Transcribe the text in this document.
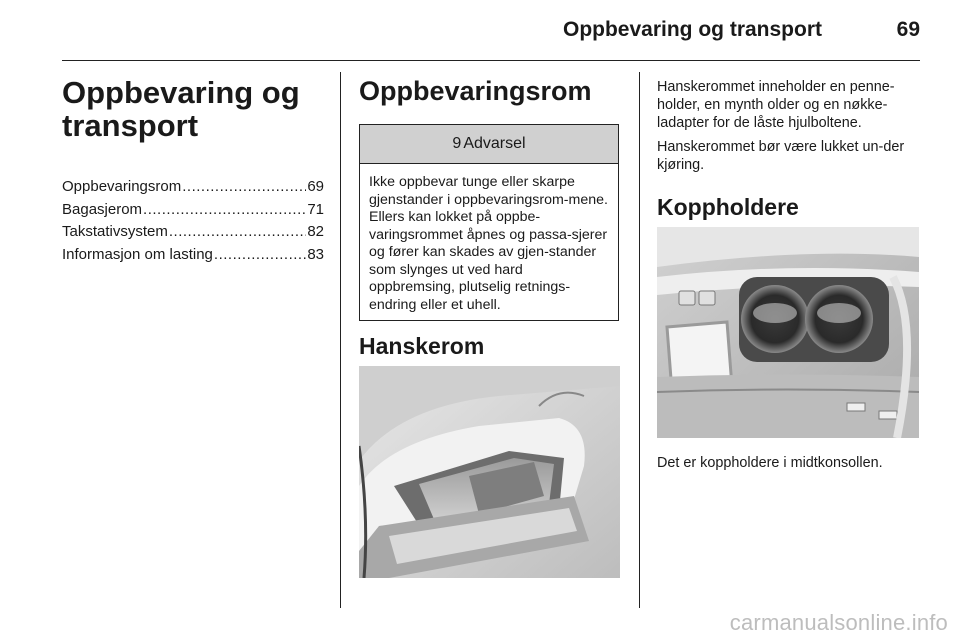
Oppbevaring og transport	69
Oppbevaring og transport
Oppbevaringsrom .....	69
Bagasjerom .....	71
Takstativsystem .....	82
Informasjon om lasting .....	83
Oppbevaringsrom
9 Advarsel
Ikke oppbevar tunge eller skarpe gjenstander i oppbevaringsrom-mene. Ellers kan lokket på oppbe-varingsrommet åpnes og passa-sjerer og fører kan skades av gjen-stander som slynges ut ved hard oppbremsing, plutselig retnings-endring eller et uhell.
Hanskerom

Hanskerommet inneholder en penne-holder, en mynth older og en nøkke-ladapter for de låste hjulboltene.

Hanskerommet bør være lukket un-der kjøring.

Koppholdere

Det er koppholdere i midtkonsollen.

carmanualsonline.info
